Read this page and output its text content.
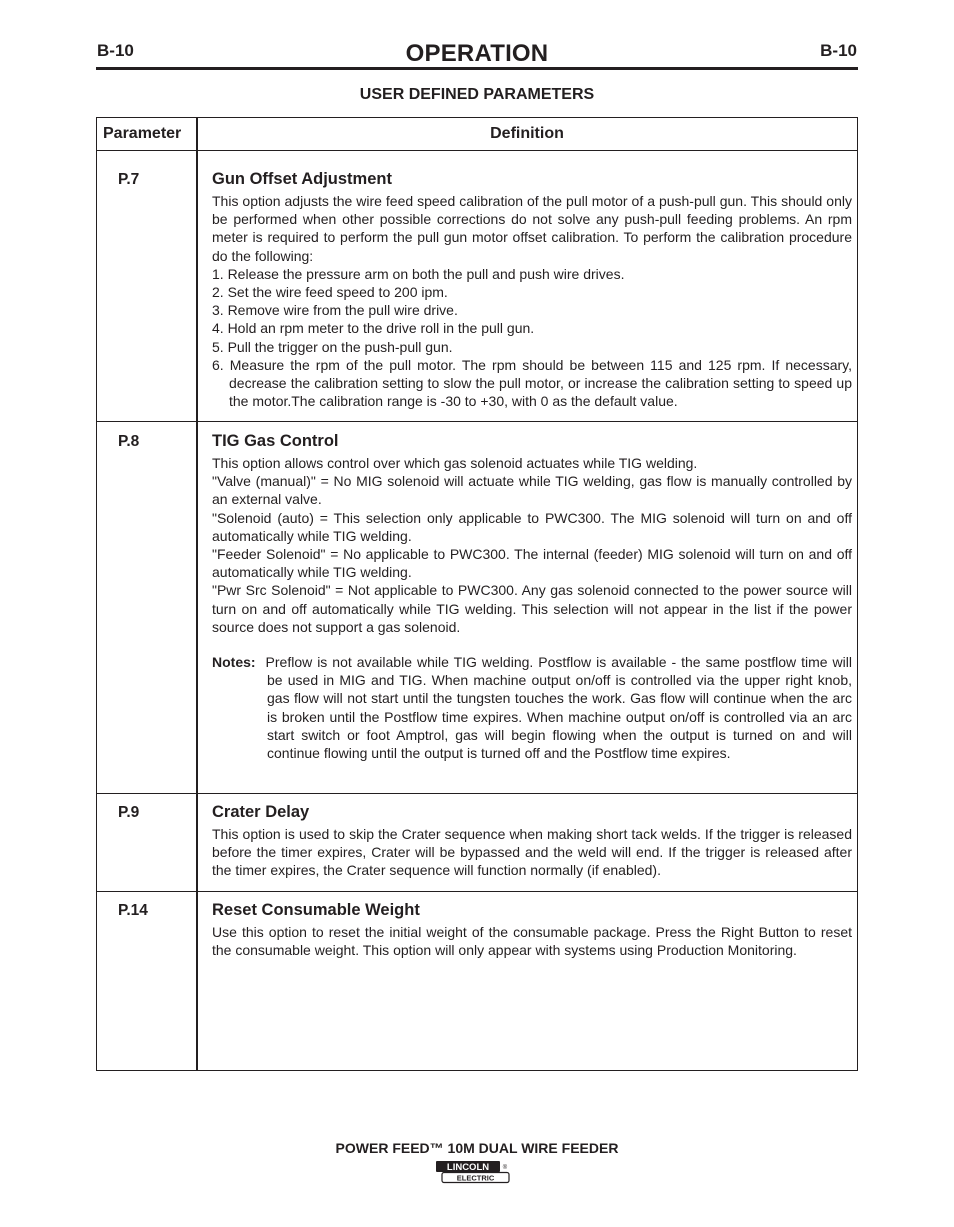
B-10	OPERATION	B-10
USER DEFINED PARAMETERS
Parameter	Definition
P.7	Gun Offset Adjustment

This option adjusts the wire feed speed calibration of the pull motor of a push-pull gun. This should only be performed when other possible corrections do not solve any push-pull feeding problems. An rpm meter is required to perform the pull gun motor offset calibration. To perform the calibration procedure do the following:

1. Release the pressure arm on both the pull and push wire drives.

2. Set the wire feed speed to 200 ipm.

3. Remove wire from the pull wire drive.

4. Hold an rpm meter to the drive roll in the pull gun.

5. Pull the trigger on the push-pull gun.

6. Measure the rpm of the pull motor. The rpm should be between 115 and 125 rpm. If necessary, decrease the calibration setting to slow the pull motor, or increase the calibration setting to speed up the motor.The calibration range is -30 to +30, with 0 as the default value.

P.8	TIG Gas Control

This option allows control over which gas solenoid actuates while TIG welding.

"Valve (manual)" = No MIG solenoid will actuate while TIG welding, gas flow is manually controlled by an external valve.

"Solenoid (auto) = This selection only applicable to PWC300. The MIG solenoid will turn on and off automatically while TIG welding.

"Feeder Solenoid" = No applicable to PWC300. The internal (feeder) MIG solenoid will turn on and off automatically while TIG welding.

"Pwr Src Solenoid" = Not applicable to PWC300. Any gas solenoid connected to the power source will turn on and off automatically while TIG welding. This selection will not appear in the list if the power source does not support a gas solenoid.

Notes: Preflow is not available while TIG welding. Postflow is available - the same postflow time will be used in MIG and TIG. When machine output on/off is controlled via the upper right knob, gas flow will not start until the tungsten touches the work. Gas flow will continue when the arc is broken until the Postflow time expires. When machine output on/off is controlled via an arc start switch or foot Amptrol, gas will begin flowing when the output is turned on and will continue flowing until the output is turned off and the Postflow time expires.

P.9	Crater Delay

This option is used to skip the Crater sequence when making short tack welds. If the trigger is released before the timer expires, Crater will be bypassed and the weld will end. If the trigger is released after the timer expires, the Crater sequence will function normally (if enabled).

P.14	Reset Consumable Weight

Use this option to reset the initial weight of the consumable package. Press the Right Button to reset the consumable weight. This option will only appear with systems using Production Monitoring.

POWER FEED™ 10M DUAL WIRE FEEDER
LINCOLN
ELECTRIC
®
